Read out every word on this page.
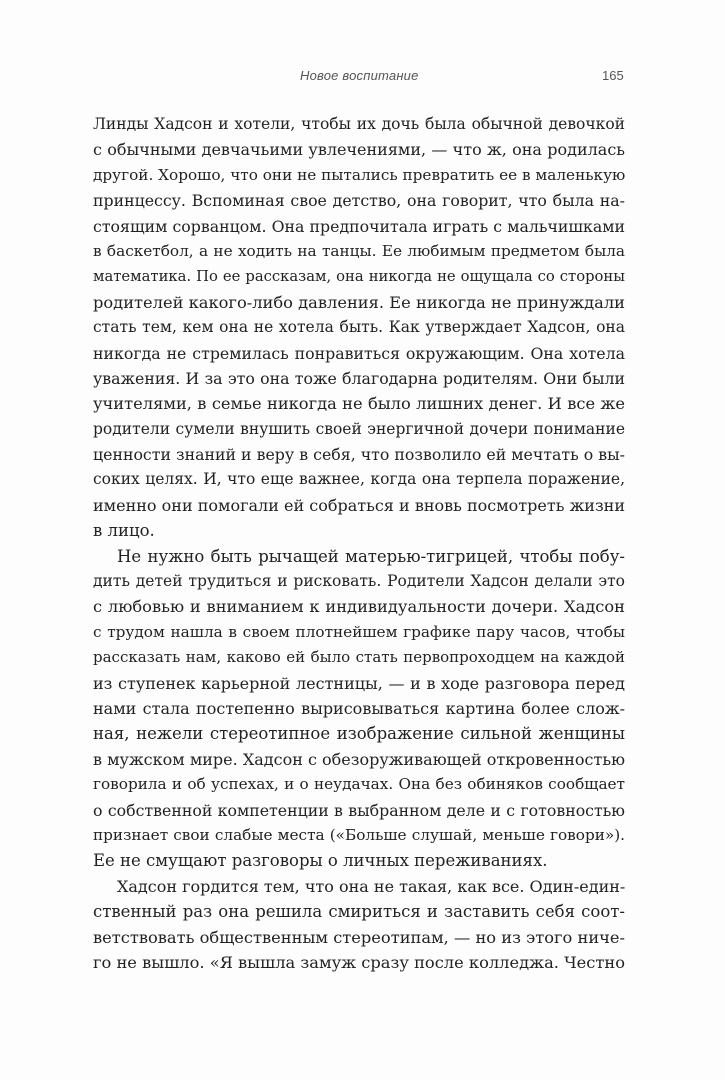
Новое воспитание	165
Линды Хадсон и хотели, чтобы их дочь была обычной девочкой
с обычными девчачьими увлечениями, — что ж, она родилась
другой. Хорошо, что они не пытались превратить ее в маленькую
принцессу. Вспоминая свое детство, она говорит, что была на-
стоящим сорванцом. Она предпочитала играть с мальчишками
в баскетбол, а не ходить на танцы. Ее любимым предметом была
математика. По ее рассказам, она никогда не ощущала со стороны
родителей какого-либо давления. Ее никогда не принуждали
стать тем, кем она не хотела быть. Как утверждает Хадсон, она
никогда не стремилась понравиться окружающим. Она хотела
уважения. И за это она тоже благодарна родителям. Они были
учителями, в семье никогда не было лишних денег. И все же
родители сумели внушить своей энергичной дочери понимание
ценности знаний и веру в себя, что позволило ей мечтать о вы-
соких целях. И, что еще важнее, когда она терпела поражение,
именно они помогали ей собраться и вновь посмотреть жизни
в лицо.
Не нужно быть рычащей матерью-тигрицей, чтобы побу-
дить детей трудиться и рисковать. Родители Хадсон делали это
с любовью и вниманием к индивидуальности дочери. Хадсон
с трудом нашла в своем плотнейшем графике пару часов, чтобы
рассказать нам, каково ей было стать первопроходцем на каждой
из ступенек карьерной лестницы, — и в ходе разговора перед
нами стала постепенно вырисовываться картина более слож-
ная, нежели стереотипное изображение сильной женщины
в мужском мире. Хадсон с обезоруживающей откровенностью
говорила и об успехах, и о неудачах. Она без обиняков сообщает
о собственной компетенции в выбранном деле и с готовностью
признает свои слабые места («Больше слушай, меньше говори»).
Ее не смущают разговоры о личных переживаниях.
Хадсон гордится тем, что она не такая, как все. Один-един-
ственный раз она решила смириться и заставить себя соот-
ветствовать общественным стереотипам, — но из этого ниче-
го не вышло. «Я вышла замуж сразу после колледжа. Честно
